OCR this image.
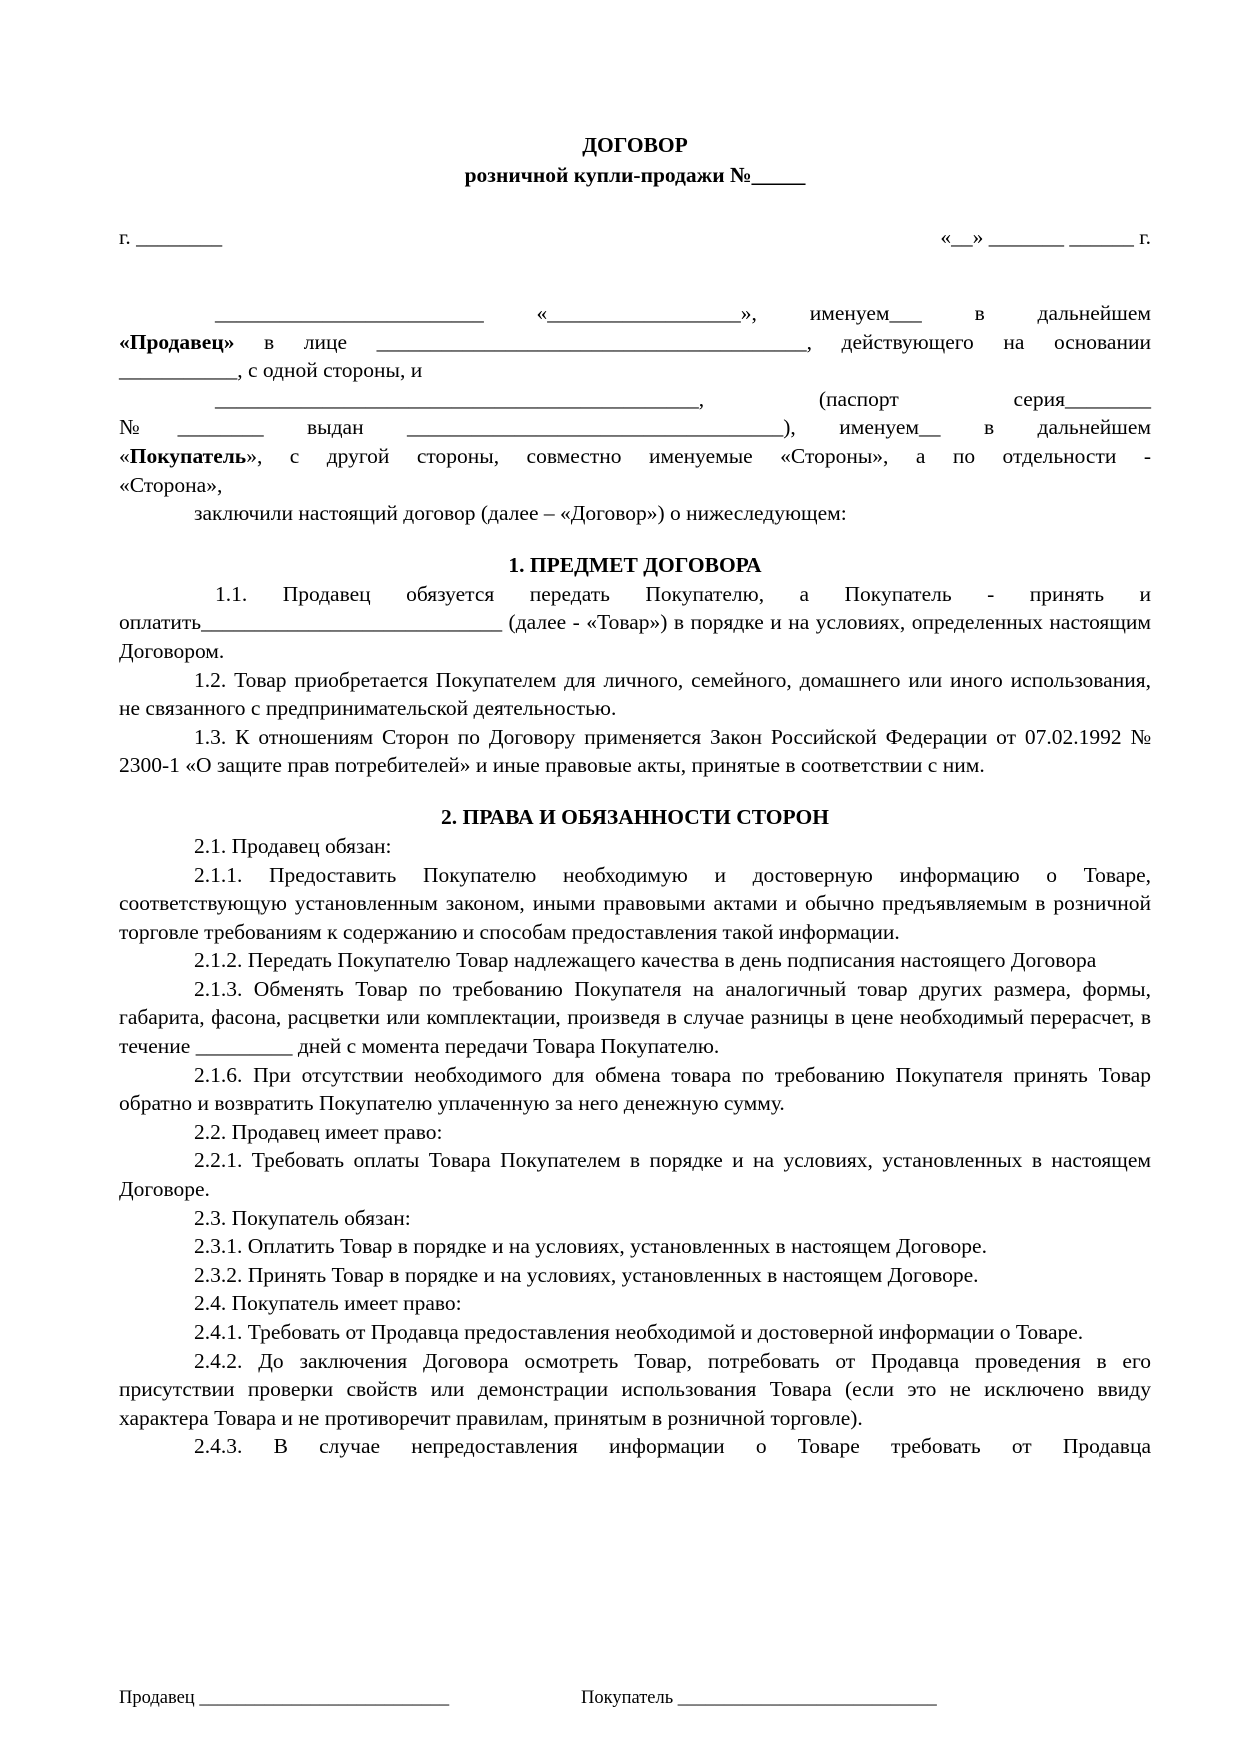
ДОГОВОР

розничной купли-продажи №_____

г. ________	«__» _______ ______ г.

_________________________ «__________________», именуем___ в дальнейшем

«Продавец» в лице ________________________________________, действующего на основании

___________, с одной стороны, и

_____________________________________________, (паспорт серия________

№________ выдан ___________________________________), именуем__ в дальнейшем

«Покупатель», с другой стороны, совместно именуемые «Стороны», а по отдельности -

«Сторона»,

заключили настоящий договор (далее – «Договор») о нижеследующем:

1. ПРЕДМЕТ ДОГОВОРА

1.1. Продавец обязуется передать Покупателю, а Покупатель - принять и оплатить____________________________ (далее - «Товар») в порядке и на условиях, определенных настоящим Договором.

1.2. Товар приобретается Покупателем для личного, семейного, домашнего или иного использования, не связанного с предпринимательской деятельностью.

1.3. К отношениям Сторон по Договору применяется Закон Российской Федерации от 07.02.1992 № 2300-1 «О защите прав потребителей» и иные правовые акты, принятые в соответствии с ним.

2. ПРАВА И ОБЯЗАННОСТИ СТОРОН

2.1. Продавец обязан:

2.1.1. Предоставить Покупателю необходимую и достоверную информацию о Товаре, соответствующую установленным законом, иными правовыми актами и обычно предъявляемым в розничной торговле требованиям к содержанию и способам предоставления такой информации.

2.1.2. Передать Покупателю Товар надлежащего качества в день подписания настоящего Договора

2.1.3. Обменять Товар по требованию Покупателя на аналогичный товар других размера, формы, габарита, фасона, расцветки или комплектации, произведя в случае разницы в цене необходимый перерасчет, в течение _________ дней с момента передачи Товара Покупателю.

2.1.6. При отсутствии необходимого для обмена товара по требованию Покупателя принять Товар обратно и возвратить Покупателю уплаченную за него денежную сумму.

2.2. Продавец имеет право:

2.2.1. Требовать оплаты Товара Покупателем в порядке и на условиях, установленных в настоящем Договоре.

2.3. Покупатель обязан:

2.3.1. Оплатить Товар в порядке и на условиях, установленных в настоящем Договоре.

2.3.2. Принять Товар в порядке и на условиях, установленных в настоящем Договоре.

2.4. Покупатель имеет право:

2.4.1. Требовать от Продавца предоставления необходимой и достоверной информации о Товаре.

2.4.2. До заключения Договора осмотреть Товар, потребовать от Продавца проведения в его присутствии проверки свойств или демонстрации использования Товара (если это не исключено ввиду характера Товара и не противоречит правилам, принятым в розничной торговле).

2.4.3. В случае непредоставления информации о Товаре требовать от Продавца

Продавец ___________________________	Покупатель ____________________________
